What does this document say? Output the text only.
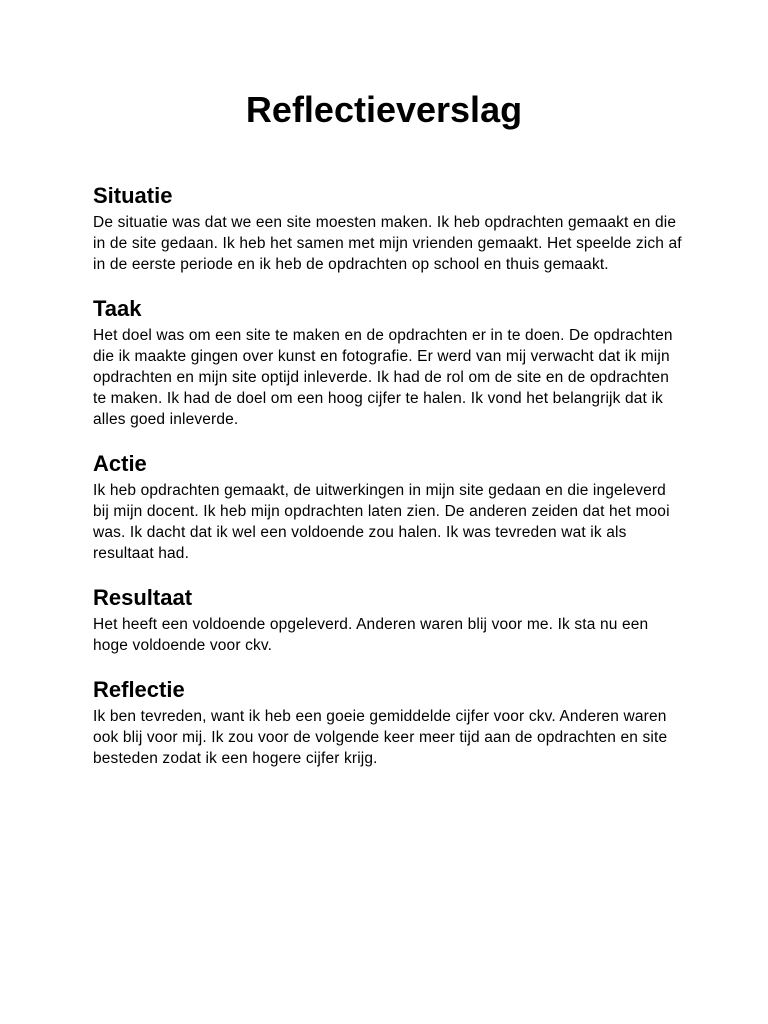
Reflectieverslag
Situatie

De situatie was dat we een site moesten maken. Ik heb opdrachten gemaakt en die in de site gedaan. Ik heb het samen met mijn vrienden gemaakt. Het speelde zich af in de eerste periode en ik heb de opdrachten op school en thuis gemaakt.

Taak

Het doel was om een site te maken en de opdrachten er in te doen. De opdrachten die ik maakte gingen over kunst en fotografie. Er werd van mij verwacht dat ik mijn opdrachten en mijn site optijd inleverde. Ik had de rol om de site en de opdrachten te maken. Ik had de doel om een hoog cijfer te halen. Ik vond het belangrijk dat ik alles goed inleverde.

Actie

Ik heb opdrachten gemaakt, de uitwerkingen in mijn site gedaan en die ingeleverd bij mijn docent. Ik heb mijn opdrachten laten zien. De anderen zeiden dat het mooi was. Ik dacht dat ik wel een voldoende zou halen. Ik was tevreden wat ik als resultaat had.

Resultaat

Het heeft een voldoende opgeleverd. Anderen waren blij voor me. Ik sta nu een hoge voldoende voor ckv.

Reflectie

Ik ben tevreden, want ik heb een goeie gemiddelde cijfer voor ckv. Anderen waren ook blij voor mij. Ik zou voor de volgende keer meer tijd aan de opdrachten en site besteden zodat ik een hogere cijfer krijg.
